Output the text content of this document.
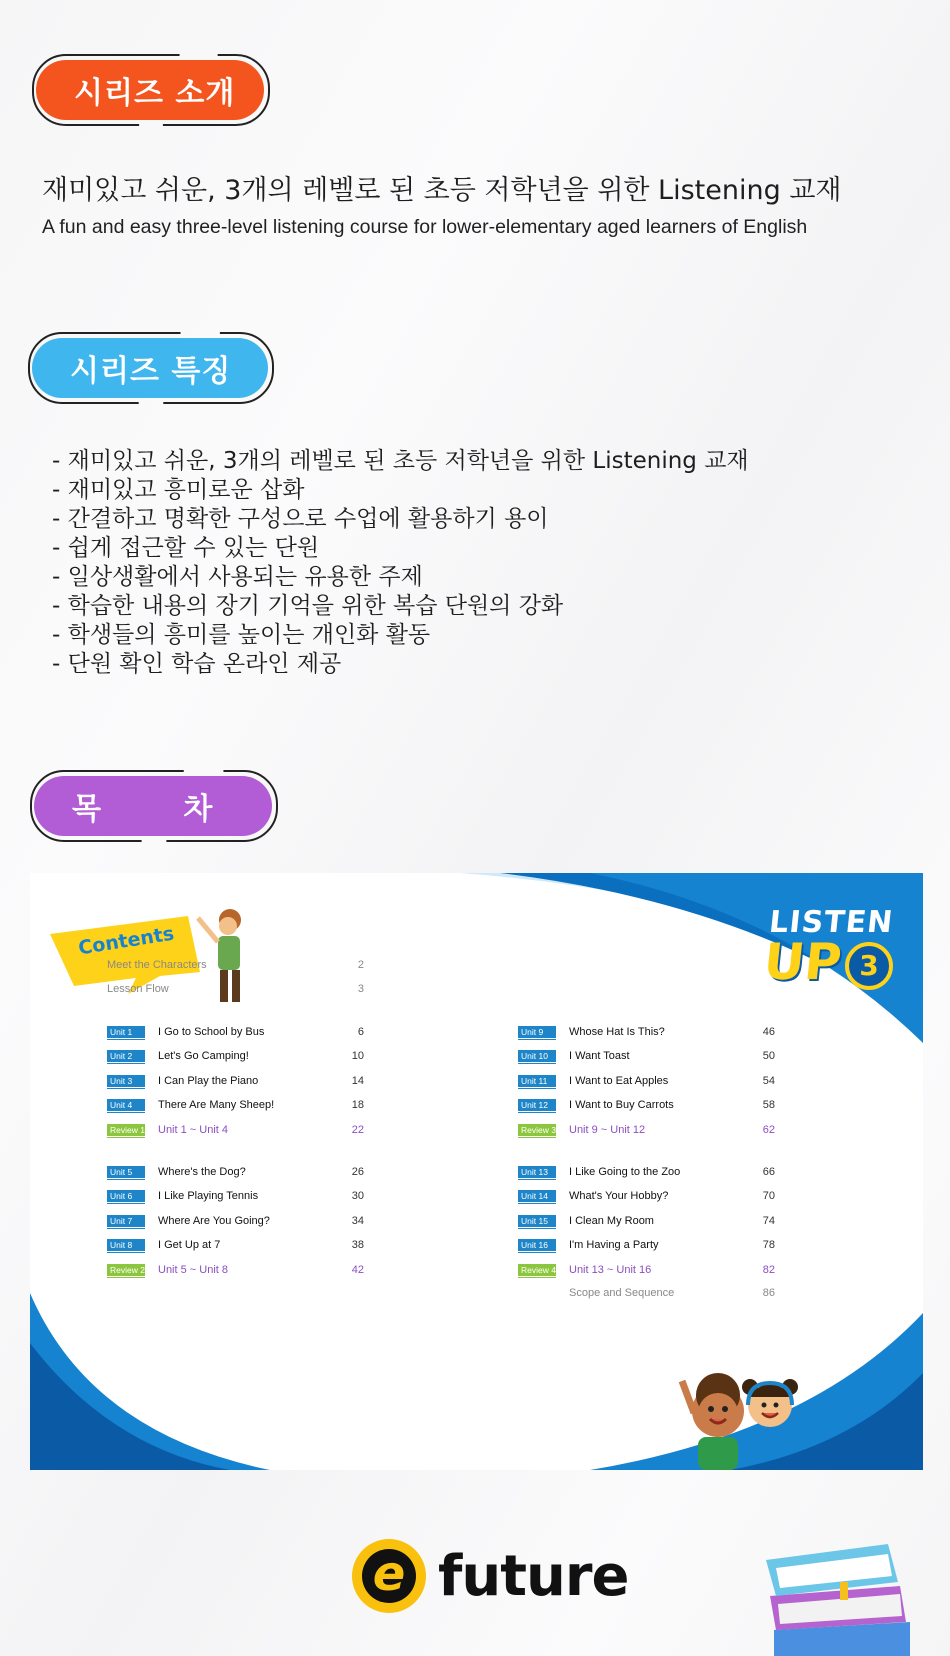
시리즈 소개
재미있고 쉬운, 3개의 레벨로 된 초등 저학년을 위한 Listening 교재
A fun and easy three-level listening course for lower-elementary aged learners of English
시리즈 특징
- 재미있고 쉬운, 3개의 레벨로 된 초등 저학년을 위한 Listening 교재
- 재미있고 흥미로운 삽화
- 간결하고 명확한 구성으로 수업에 활용하기 용이
- 쉽게 접근할 수 있는 단원
- 일상생활에서 사용되는 유용한 주제
- 학습한 내용의 장기 기억을 위한 복습 단원의 강화
- 학생들의 흥미를 높이는 개인화 활동
- 단원 확인 학습 온라인 제공
목 차
Contents
LISTEN
UP 3
Meet the Characters	2
Lesson Flow	3
Unit 1	I Go to School by Bus	6
Unit 2	Let's Go Camping!	10
Unit 3	I Can Play the Piano	14
Unit 4	There Are Many Sheep!	18
Review 1 Unit 1 ~ Unit 4	22
Unit 5	Where's the Dog?	26
Unit 6	I Like Playing Tennis	30
Unit 7	Where Are You Going?	34
Unit 8	I Get Up at 7	38
Review 2 Unit 5 ~ Unit 8	42
Unit 9	Whose Hat Is This?	46
Unit 10	I Want Toast	50
Unit 11	I Want to Eat Apples	54
Unit 12	I Want to Buy Carrots	58
Review 3 Unit 9 ~ Unit 12	62
Unit 13	I Like Going to the Zoo	66
Unit 14	What's Your Hobby?	70
Unit 15	I Clean My Room	74
Unit 16	I'm Having a Party	78
Review 4 Unit 13 ~ Unit 16	82
Scope and Sequence	86
e future
